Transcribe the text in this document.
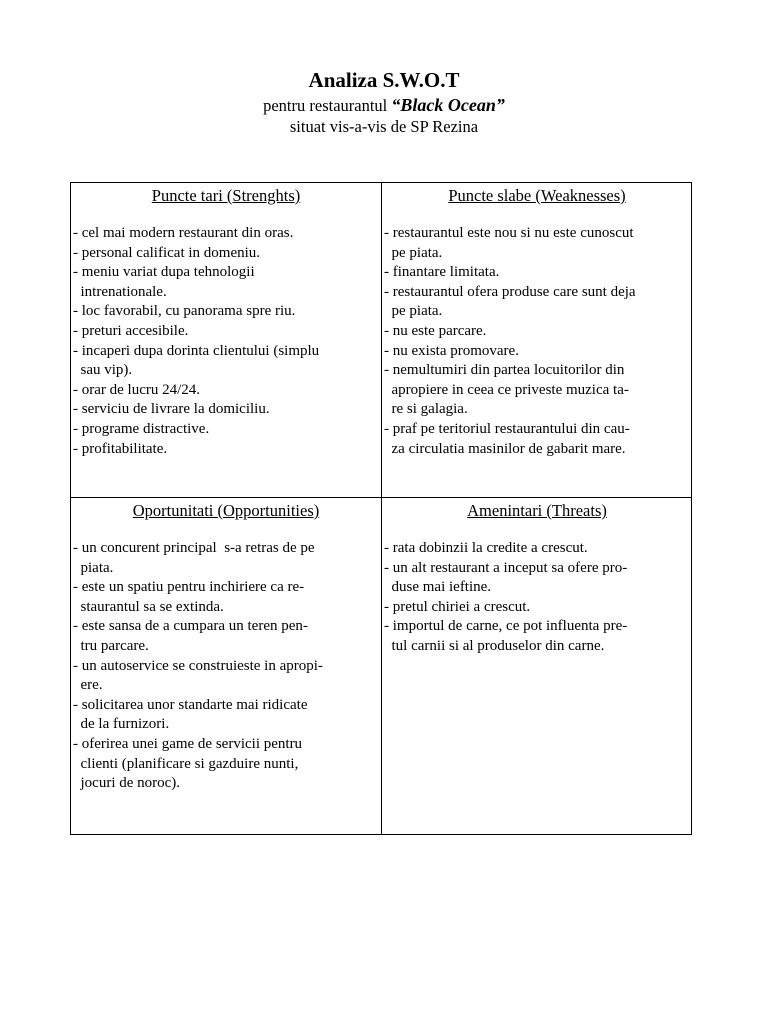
Analiza S.W.O.T
pentru restaurantul “Black Ocean”
situat vis-a-vis de SP Rezina
Puncte tari (Strenghts)
- cel mai modern restaurant din oras.
- personal calificat in domeniu.
- meniu variat dupa tehnologii
intrenationale.
- loc favorabil, cu panorama spre riu.
- preturi accesibile.
- incaperi dupa dorinta clientului (simplu
sau vip).
- orar de lucru 24/24.
- serviciu de livrare la domiciliu.
- programe distractive.
- profitabilitate.
Puncte slabe (Weaknesses)
- restaurantul este nou si nu este cunoscut
pe piata.
- finantare limitata.
- restaurantul ofera produse care sunt deja
pe piata.
- nu este parcare.
- nu exista promovare.
- nemultumiri din partea locuitorilor din
apropiere in ceea ce priveste muzica ta-
re si galagia.
- praf pe teritoriul restaurantului din cau-
za circulatia masinilor de gabarit mare.
Oportunitati (Opportunities)
- un concurent principal  s-a retras de pe
piata.
- este un spatiu pentru inchiriere ca re-
staurantul sa se extinda.
- este sansa de a cumpara un teren pen-
tru parcare.
- un autoservice se construieste in apropi-
ere.
- solicitarea unor standarte mai ridicate
de la furnizori.
- oferirea unei game de servicii pentru
clienti (planificare si gazduire nunti,
jocuri de noroc).
Amenintari (Threats)
- rata dobinzii la credite a crescut.
- un alt restaurant a inceput sa ofere pro-
duse mai ieftine.
- pretul chiriei a crescut.
- importul de carne, ce pot influenta pre-
tul carnii si al produselor din carne.
